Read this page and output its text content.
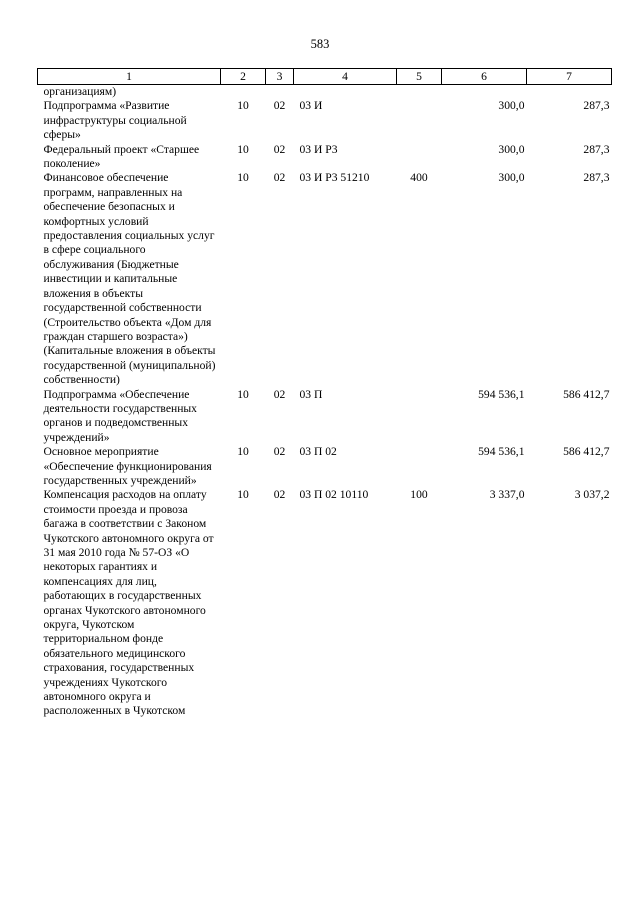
583
1	2	3	4	5	6	7
организациям)						
Подпрограмма «Развитие инфраструктуры социальной сферы»	10	02	03 И		300,0	287,3
Федеральный проект «Старшее поколение»	10	02	03 И P3		300,0	287,3
Финансовое обеспечение программ, направленных на обеспечение безопасных и комфортных условий предоставления социальных услуг в сфере социального обслуживания (Бюджетные инвестиции и капитальные вложения в объекты государственной собственности (Строительство объекта «Дом для граждан старшего возраста») (Капитальные вложения в объекты государственной (муниципальной) собственности)	10	02	03 И P3 51210	400	300,0	287,3
Подпрограмма «Обеспечение деятельности государственных органов и подведомственных учреждений»	10	02	03 П		594 536,1	586 412,7
Основное мероприятие «Обеспечение функционирования государственных учреждений»	10	02	03 П 02		594 536,1	586 412,7
Компенсация расходов на оплату стоимости проезда и провоза багажа в соответствии с Законом Чукотского автономного округа от 31 мая 2010 года № 57-ОЗ «О некоторых гарантиях и компенсациях для лиц, работающих в государственных органах Чукотского автономного округа, Чукотском территориальном фонде обязательного медицинского страхования, государственных учреждениях Чукотского автономного округа и расположенных в Чукотском	10	02	03 П 02 10110	100	3 337,0	3 037,2
